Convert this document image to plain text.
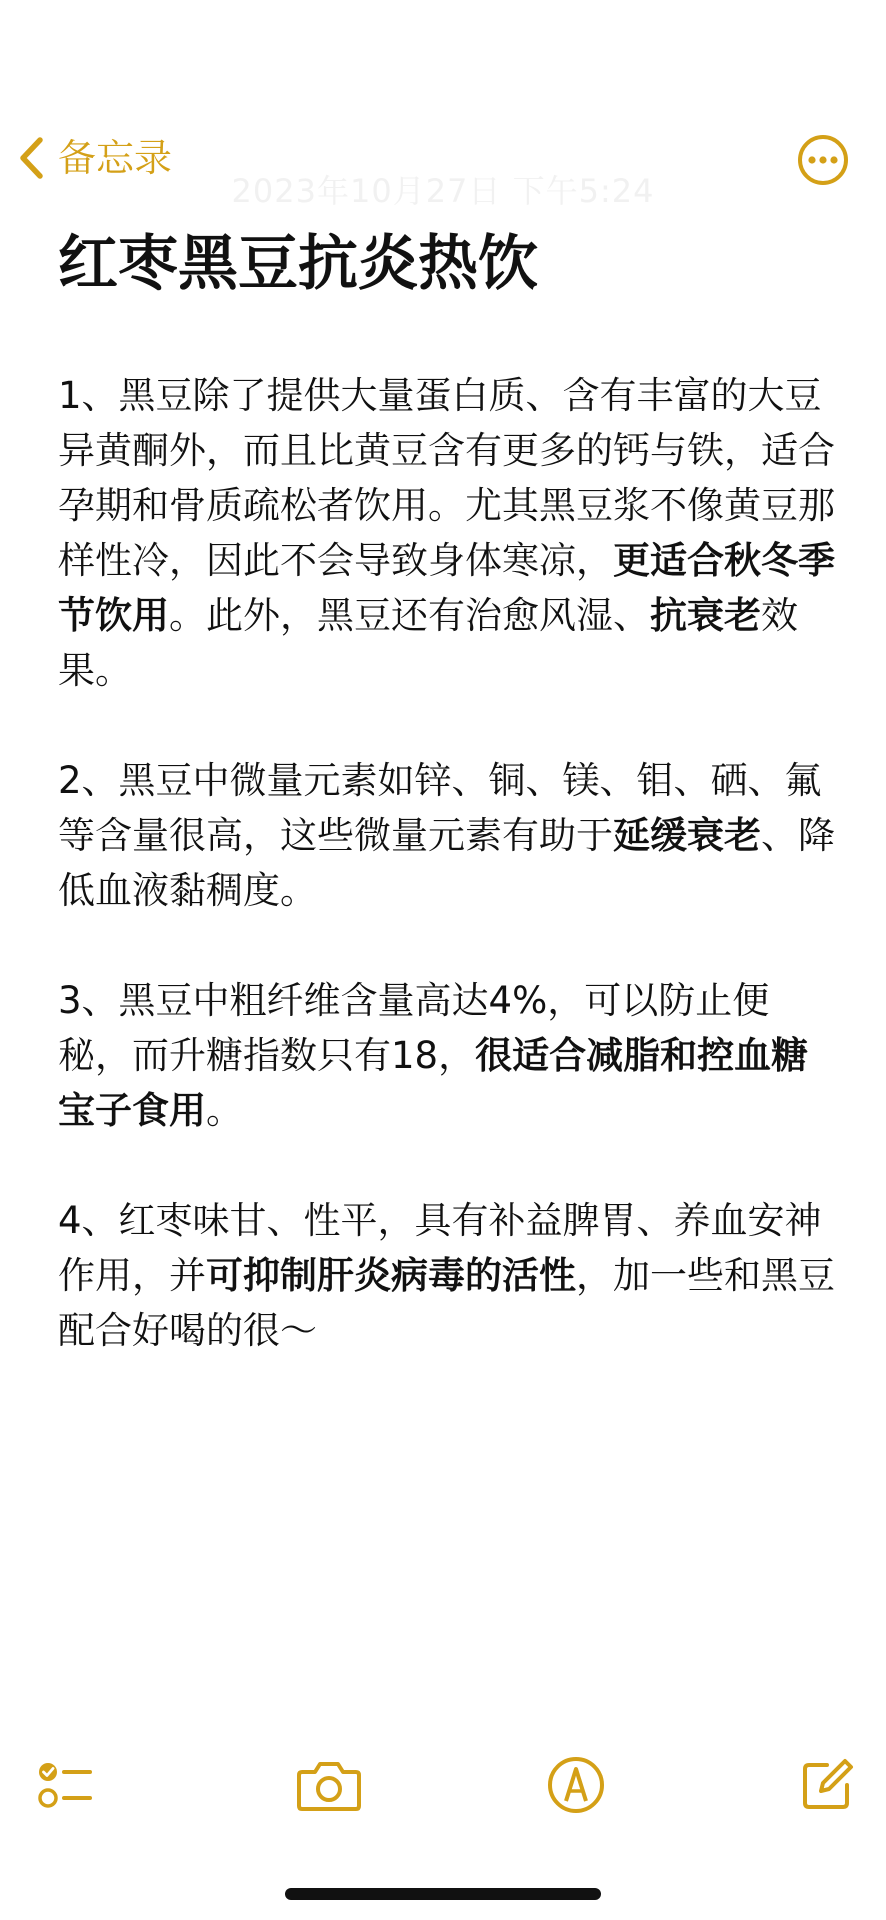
备忘录
2023年10月27日 下午5:24
红枣黑豆抗炎热饮

1、黑豆除了提供大量蛋白质、含有丰富的大豆异黄酮外，而且比黄豆含有更多的钙与铁，适合孕期和骨质疏松者饮用。尤其黑豆浆不像黄豆那样性冷，因此不会导致身体寒凉，更适合秋冬季节饮用。此外，黑豆还有治愈风湿、抗衰老效果。

2、黑豆中微量元素如锌、铜、镁、钼、硒、氟等含量很高，这些微量元素有助于延缓衰老、降低血液黏稠度。

3、黑豆中粗纤维含量高达4%，可以防止便秘，而升糖指数只有18，很适合减脂和控血糖宝子食用。

4、红枣味甘、性平，具有补益脾胃、养血安神作用，并可抑制肝炎病毒的活性，加一些和黑豆配合好喝的很～
